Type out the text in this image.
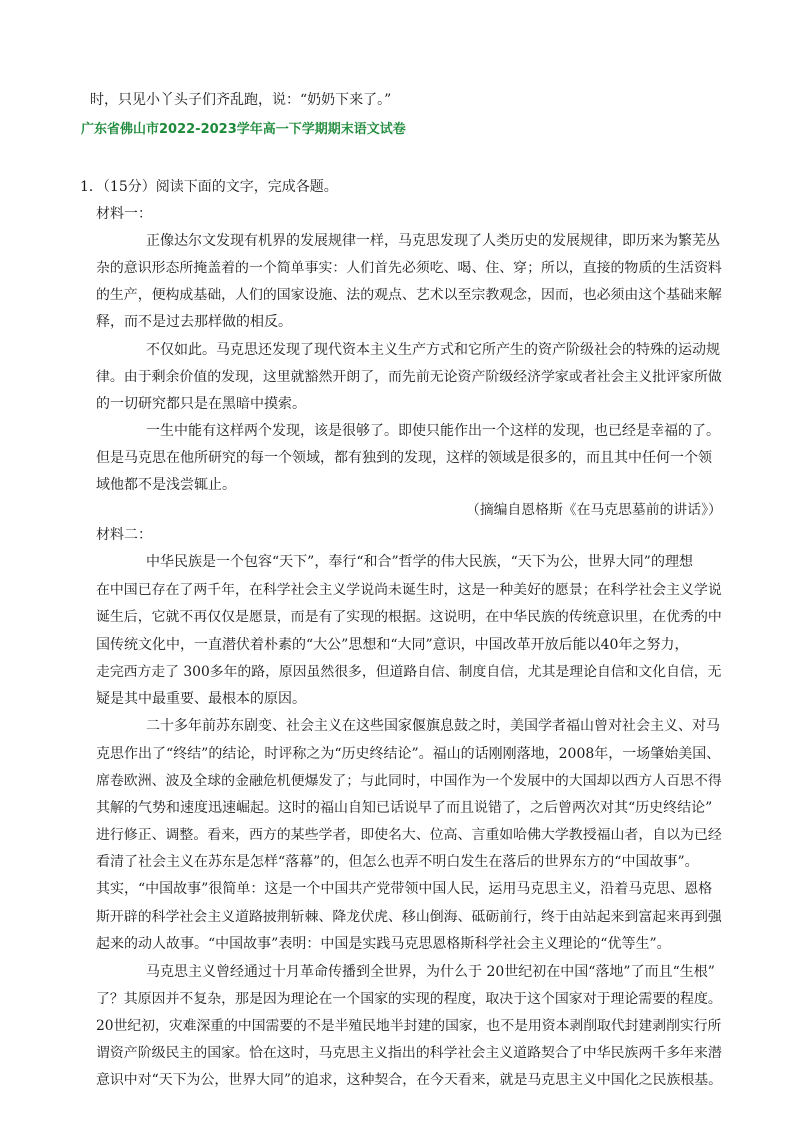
时，只见小丫头子们齐乱跑，说：“奶奶下来了。”
广东省佛山市2022-2023学年高一下学期期末语文试卷
1．（15分）阅读下面的文字，完成各题。
材料一：
正像达尔文发现有机界的发展规律一样，马克思发现了人类历史的发展规律，即历来为繁芜丛
杂的意识形态所掩盖着的一个简单事实：人们首先必须吃、喝、住、穿；所以，直接的物质的生活资料
的生产，便构成基础，人们的国家设施、法的观点、艺术以至宗教观念，因而，也必须由这个基础来解
释，而不是过去那样做的相反。
不仅如此。马克思还发现了现代资本主义生产方式和它所产生的资产阶级社会的特殊的运动规
律。由于剩余价值的发现，这里就豁然开朗了，而先前无论资产阶级经济学家或者社会主义批评家所做
的一切研究都只是在黑暗中摸索。
一生中能有这样两个发现，该是很够了。即使只能作出一个这样的发现，也已经是幸福的了。
但是马克思在他所研究的每一个领域，都有独到的发现，这样的领域是很多的，而且其中任何一个领
域他都不是浅尝辄止。
（摘编自恩格斯《在马克思墓前的讲话》）
材料二：
中华民族是一个包容“天下”，奉行“和合”哲学的伟大民族，“天下为公，世界大同”的理想
在中国已存在了两千年，在科学社会主义学说尚未诞生时，这是一种美好的愿景；在科学社会主义学说
诞生后，它就不再仅仅是愿景，而是有了实现的根据。这说明，在中华民族的传统意识里，在优秀的中
国传统文化中，一直潜伏着朴素的“大公”思想和“大同”意识，中国改革开放后能以40年之努力，
走完西方走了 300多年的路，原因虽然很多，但道路自信、制度自信，尤其是理论自信和文化自信，无
疑是其中最重要、最根本的原因。
二十多年前苏东剧变、社会主义在这些国家偃旗息鼓之时，美国学者福山曾对社会主义、对马
克思作出了“终结”的结论，时评称之为“历史终结论”。福山的话刚刚落地，2008年，一场肇始美国、
席卷欧洲、波及全球的金融危机便爆发了；与此同时，中国作为一个发展中的大国却以西方人百思不得
其解的气势和速度迅速崛起。这时的福山自知已话说早了而且说错了，之后曾两次对其“历史终结论”
进行修正、调整。看来，西方的某些学者，即使名大、位高、言重如哈佛大学教授福山者，自以为已经
看清了社会主义在苏东是怎样“落幕”的，但怎么也弄不明白发生在落后的世界东方的“中国故事”。
其实，“中国故事”很简单：这是一个中国共产党带领中国人民，运用马克思主义，沿着马克思、恩格
斯开辟的科学社会主义道路披荆斩棘、降龙伏虎、移山倒海、砥砺前行，终于由站起来到富起来再到强
起来的动人故事。“中国故事”表明：中国是实践马克思恩格斯科学社会主义理论的“优等生”。
马克思主义曾经通过十月革命传播到全世界，为什么于 20世纪初在中国“落地”了而且“生根”
了？其原因并不复杂，那是因为理论在一个国家的实现的程度，取决于这个国家对于理论需要的程度。
20世纪初，灾难深重的中国需要的不是半殖民地半封建的国家，也不是用资本剥削取代封建剥削实行所
谓资产阶级民主的国家。恰在这时，马克思主义指出的科学社会主义道路契合了中华民族两千多年来潜
意识中对“天下为公，世界大同”的追求，这种契合，在今天看来，就是马克思主义中国化之民族根基。
